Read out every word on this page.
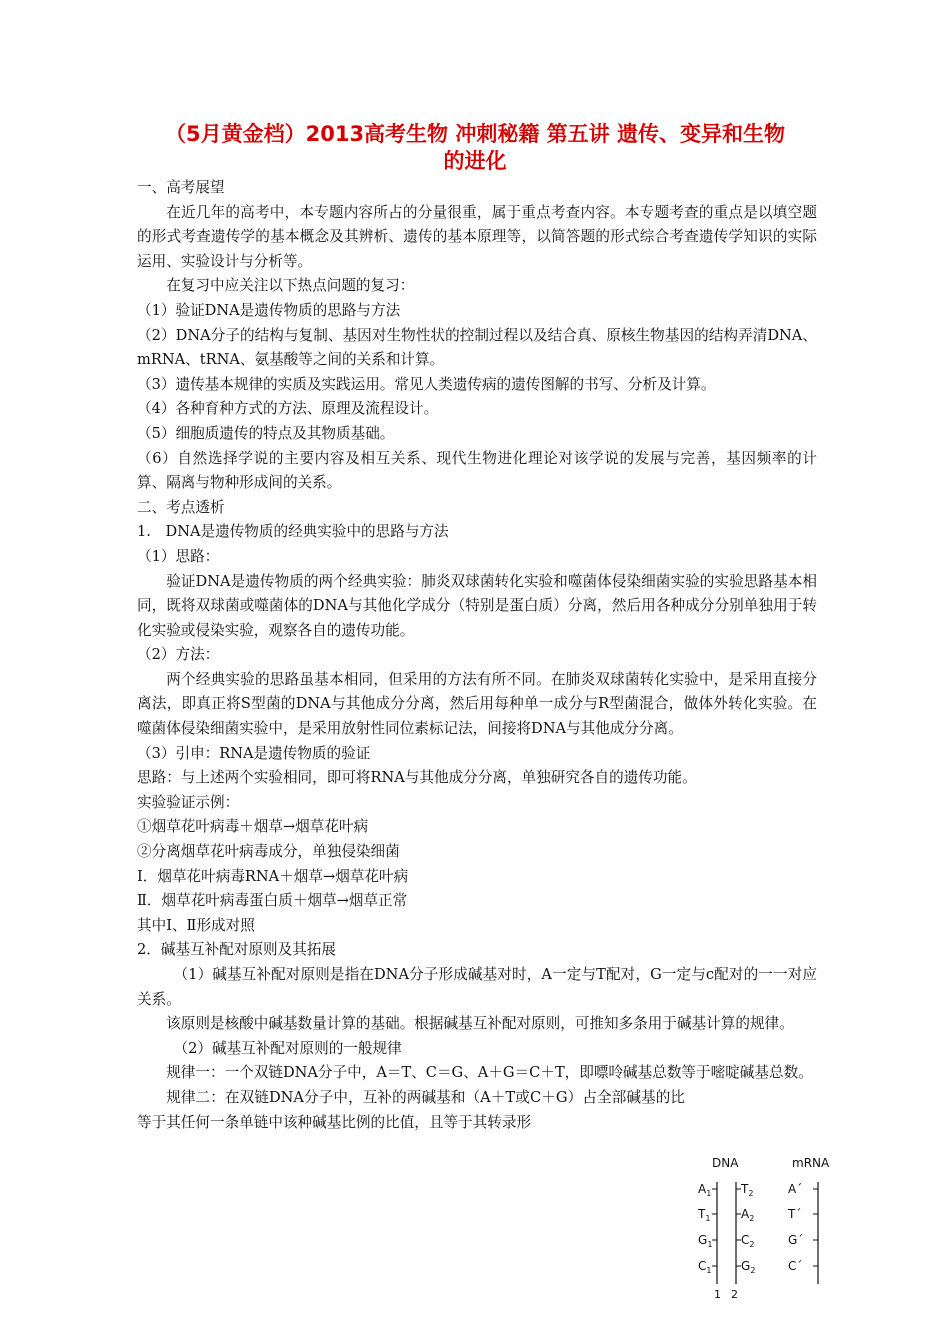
（5月黄金档）2013高考生物 冲刺秘籍 第五讲 遗传、变异和生物
的进化

一、高考展望

在近几年的高考中，本专题内容所占的分量很重，属于重点考查内容。本专题考查的重点是以填空题的形式考查遗传学的基本概念及其辨析、遗传的基本原理等，以简答题的形式综合考查遗传学知识的实际运用、实验设计与分析等。

在复习中应关注以下热点问题的复习：

（1）验证DNA是遗传物质的思路与方法

（2）DNA分子的结构与复制、基因对生物性状的控制过程以及结合真、原核生物基因的结构弄清DNA、mRNA、tRNA、氨基酸等之间的关系和计算。

（3）遗传基本规律的实质及实践运用。常见人类遗传病的遗传图解的书写、分析及计算。

（4）各种育种方式的方法、原理及流程设计。

（5）细胞质遗传的特点及其物质基础。

（6）自然选择学说的主要内容及相互关系、现代生物进化理论对该学说的发展与完善，基因频率的计算、隔离与物种形成间的关系。

二、考点透析

1.　DNA是遗传物质的经典实验中的思路与方法

（1）思路：

验证DNA是遗传物质的两个经典实验：肺炎双球菌转化实验和噬菌体侵染细菌实验的实验思路基本相同，既将双球菌或噬菌体的DNA与其他化学成分（特别是蛋白质）分离，然后用各种成分分别单独用于转化实验或侵染实验，观察各自的遗传功能。

（2）方法：

两个经典实验的思路虽基本相同，但采用的方法有所不同。在肺炎双球菌转化实验中，是采用直接分离法，即真正将S型菌的DNA与其他成分分离，然后用每种单一成分与R型菌混合，做体外转化实验。在噬菌体侵染细菌实验中，是采用放射性同位素标记法，间接将DNA与其他成分分离。

（3）引申：RNA是遗传物质的验证

思路：与上述两个实验相同，即可将RNA与其他成分分离，单独研究各自的遗传功能。

实验验证示例：

①烟草花叶病毒＋烟草→烟草花叶病

②分离烟草花叶病毒成分，单独侵染细菌

I．烟草花叶病毒RNA＋烟草→烟草花叶病

Ⅱ．烟草花叶病毒蛋白质＋烟草→烟草正常

其中Ⅰ、Ⅱ形成对照

2．碱基互补配对原则及其拓展

（1）碱基互补配对原则是指在DNA分子形成碱基对时，A一定与T配对，G一定与c配对的一一对应关系。

该原则是核酸中碱基数量计算的基础。根据碱基互补配对原则，可推知多条用于碱基计算的规律。

（2）碱基互补配对原则的一般规律

规律一：一个双链DNA分子中，A＝T、C＝G、A＋G＝C＋T，即嘌呤碱基总数等于嘧啶碱基总数。

规律二：在双链DNA分子中，互补的两碱基和（A＋T或C＋G）占全部碱基的比等于其任何一条单链中该种碱基比例的比值，且等于其转录形

DNA	mRNA
$A_1$ $T_2$	A´
$T_1$	$A_2$	T´
$G_1$ $C_2$	G´
$C_1$ $G_2$	C´
1 2
